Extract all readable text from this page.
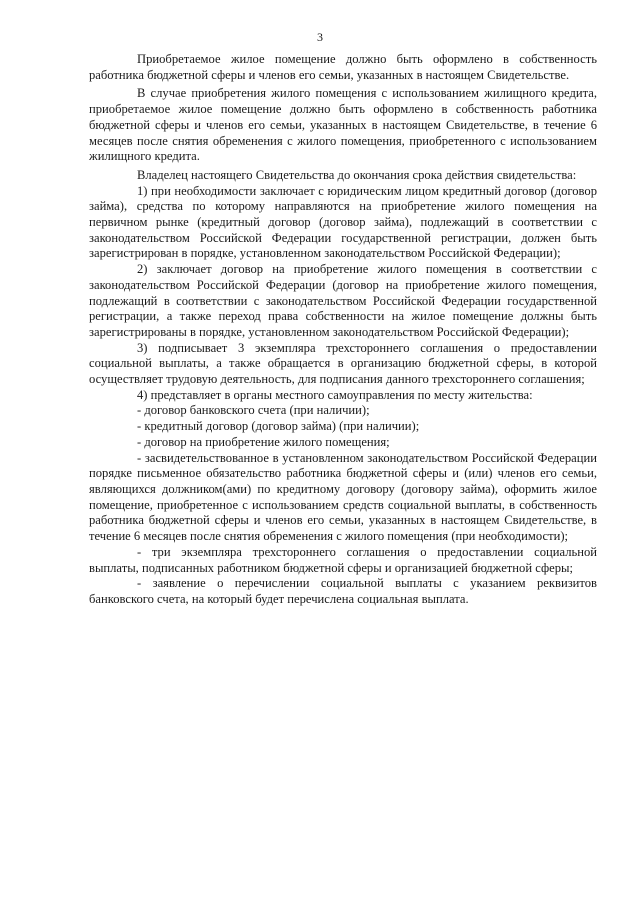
3

Приобретаемое жилое помещение должно быть оформлено в собственность работника бюджетной сферы и членов его семьи, указанных в настоящем Свидетельстве.

В случае приобретения жилого помещения с использованием жилищного кредита, приобретаемое жилое помещение должно быть оформлено в собственность работника бюджетной сферы и членов его семьи, указанных в настоящем Свидетельстве, в течение 6 месяцев после снятия обременения с жилого помещения, приобретенного с использованием жилищного кредита.

Владелец настоящего Свидетельства до окончания срока действия свидетельства:

1) при необходимости заключает с юридическим лицом кредитный договор (договор займа), средства по которому направляются на приобретение жилого помещения на первичном рынке (кредитный договор (договор займа), подлежащий в соответствии с законодательством Российской Федерации государственной регистрации, должен быть зарегистрирован в порядке, установленном законодательством Российской Федерации);

2) заключает договор на приобретение жилого помещения в соответствии с законодательством Российской Федерации (договор на приобретение жилого помещения, подлежащий в соответствии с законодательством Российской Федерации государственной регистрации, а также переход права собственности на жилое помещение должны быть зарегистрированы в порядке, установленном законодательством Российской Федерации);

3) подписывает 3 экземпляра трехстороннего соглашения о предоставлении социальной выплаты, а также обращается в организацию бюджетной сферы, в которой осуществляет трудовую деятельность, для подписания данного трехстороннего соглашения;

4) представляет в органы местного самоуправления по месту жительства:

- договор банковского счета (при наличии);

- кредитный договор (договор займа) (при наличии);

- договор на приобретение жилого помещения;

- засвидетельствованное в установленном законодательством Российской Федерации порядке письменное обязательство работника бюджетной сферы и (или) членов его семьи, являющихся должником(ами) по кредитному договору (договору займа), оформить жилое помещение, приобретенное с использованием средств социальной выплаты, в собственность работника бюджетной сферы и членов его семьи, указанных в настоящем Свидетельстве, в течение 6 месяцев после снятия обременения с жилого помещения (при необходимости);

- три экземпляра трехстороннего соглашения о предоставлении социальной выплаты, подписанных работником бюджетной сферы и организацией бюджетной сферы;

- заявление о перечислении социальной выплаты с указанием реквизитов банковского счета, на который будет перечислена социальная выплата.
